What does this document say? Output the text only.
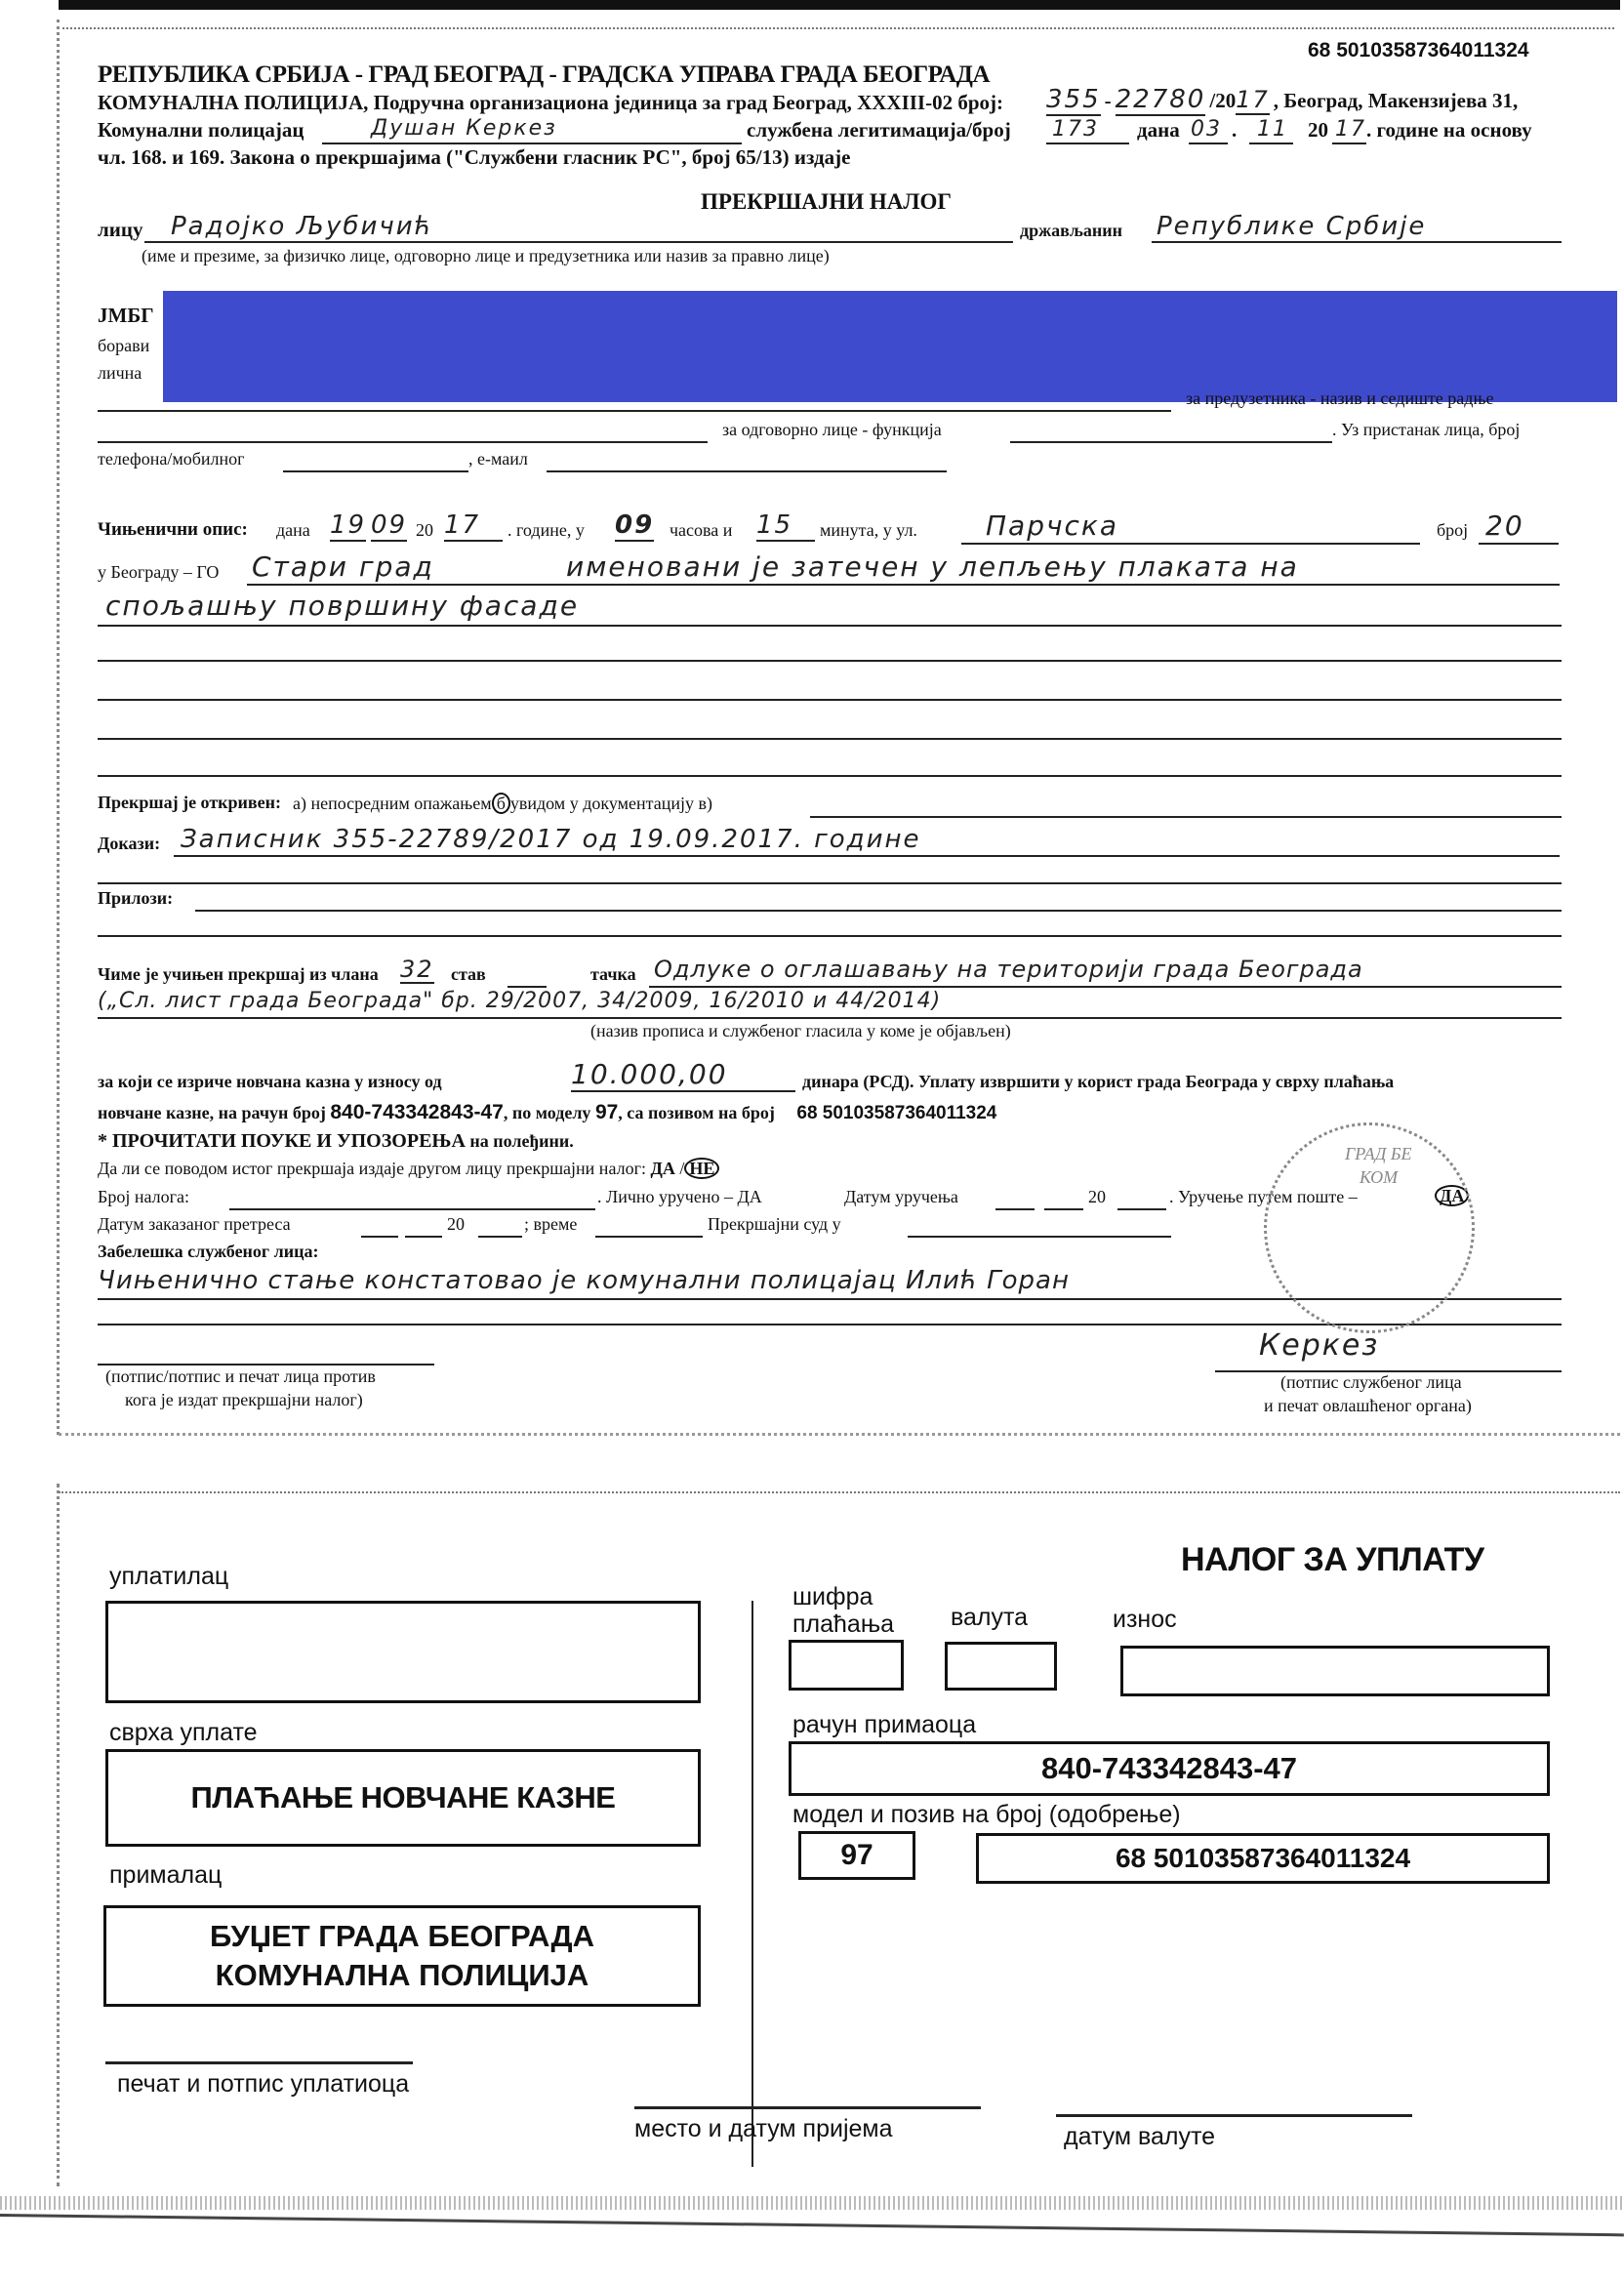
68 50103587364011324
РЕПУБЛИКА СРБИЈА - ГРАД БЕОГРАД - ГРАДСКА УПРАВА ГРАДА БЕОГРАДА
КОМУНАЛНА ПОЛИЦИЈА, Подручна организациона јединица за град Београд, XXXIII-02 број: 355 - 22780 /2017 , Београд, Макензијева 31,
Комунални полицајац	Душан Керкез	службена легитимација/број 173 дана 03 . 11 20 17 . године на основу
чл. 168. и 169. Закона о прекршајима ("Службени гласник РС", број 65/13) издаје
ПРЕКРШАЈНИ НАЛОГ
лицу Радојко Љубичић	држављанин Републике Србије
(име и презиме, за физичко лице, одговорно лице и предузетника или назив за правно лице)
ЈМБГ
борави
лична
за предузетника - назив и седиште радње
за одговорно лице - функција	. Уз пристанак лица, број
телефона/мобилног	, е-маил
Чињенични опис: дана 19 09 20 17	. године, у 09 часова и 15	минута, у ул.	Парчска	број 20
у Београду – ГО Стари град	именовани је затечен у лепљењу плаката на
спољашњу површину фасаде
Прекршај је откривен: а) непосредним опажањем б увидом у документацију в)
Докази: Записник 355-22789/2017 од 19.09.2017. године
Прилози:
Чиме је учињен прекршај из члана 32 став	тачка Одлуке о оглашавању на територији града Београда
(„Сл. лист града Београда" бр. 29/2007, 34/2009, 16/2010 и 44/2014)
(назив прописа и службеног гласила у коме је објављен)
за који се изриче новчана казна у износу од	10.000,00	динара (РСД). Уплату извршити у корист града Београда у сврху плаћања
новчане казне, на рачун број 840-743342843-47, по моделу 97, са позивом на број 68 50103587364011324
* ПРОЧИТАТИ ПОУКЕ И УПОЗОРЕЊА на полеђини.
Да ли се поводом истог прекршаја издаје другом лицу прекршајни налог: ДА / НЕ
Број налога:	. Лично уручено – ДА	Датум уручења	20	. Уручење путем поште –	ДА
Датум заказаног претреса	20	; време	Прекршајни суд у
Забелешка службеног лица:
Чињенично стање констатовао је комунални полицајац Илић Горан
ГРАД БЕ
КОМ
(потпис/потпис и печат лица против
кога је издат прекршајни налог)
Керкез
(потпис службеног лица
и печат овлашћеног органа)
НАЛОГ ЗА УПЛАТУ
уплатилац
шифра
плаћања валута	износ
сврха уплате
ПЛАЋАЊЕ НОВЧАНЕ КАЗНЕ
рачун примаоца
840-743342843-47
модел и позив на број (одобрење)
97	68 50103587364011324
прималац
БУЏЕТ ГРАДА БЕОГРАДА
КОМУНАЛНА ПОЛИЦИЈА
печат и потпис уплатиоца
место и датум пријема	датум валуте
